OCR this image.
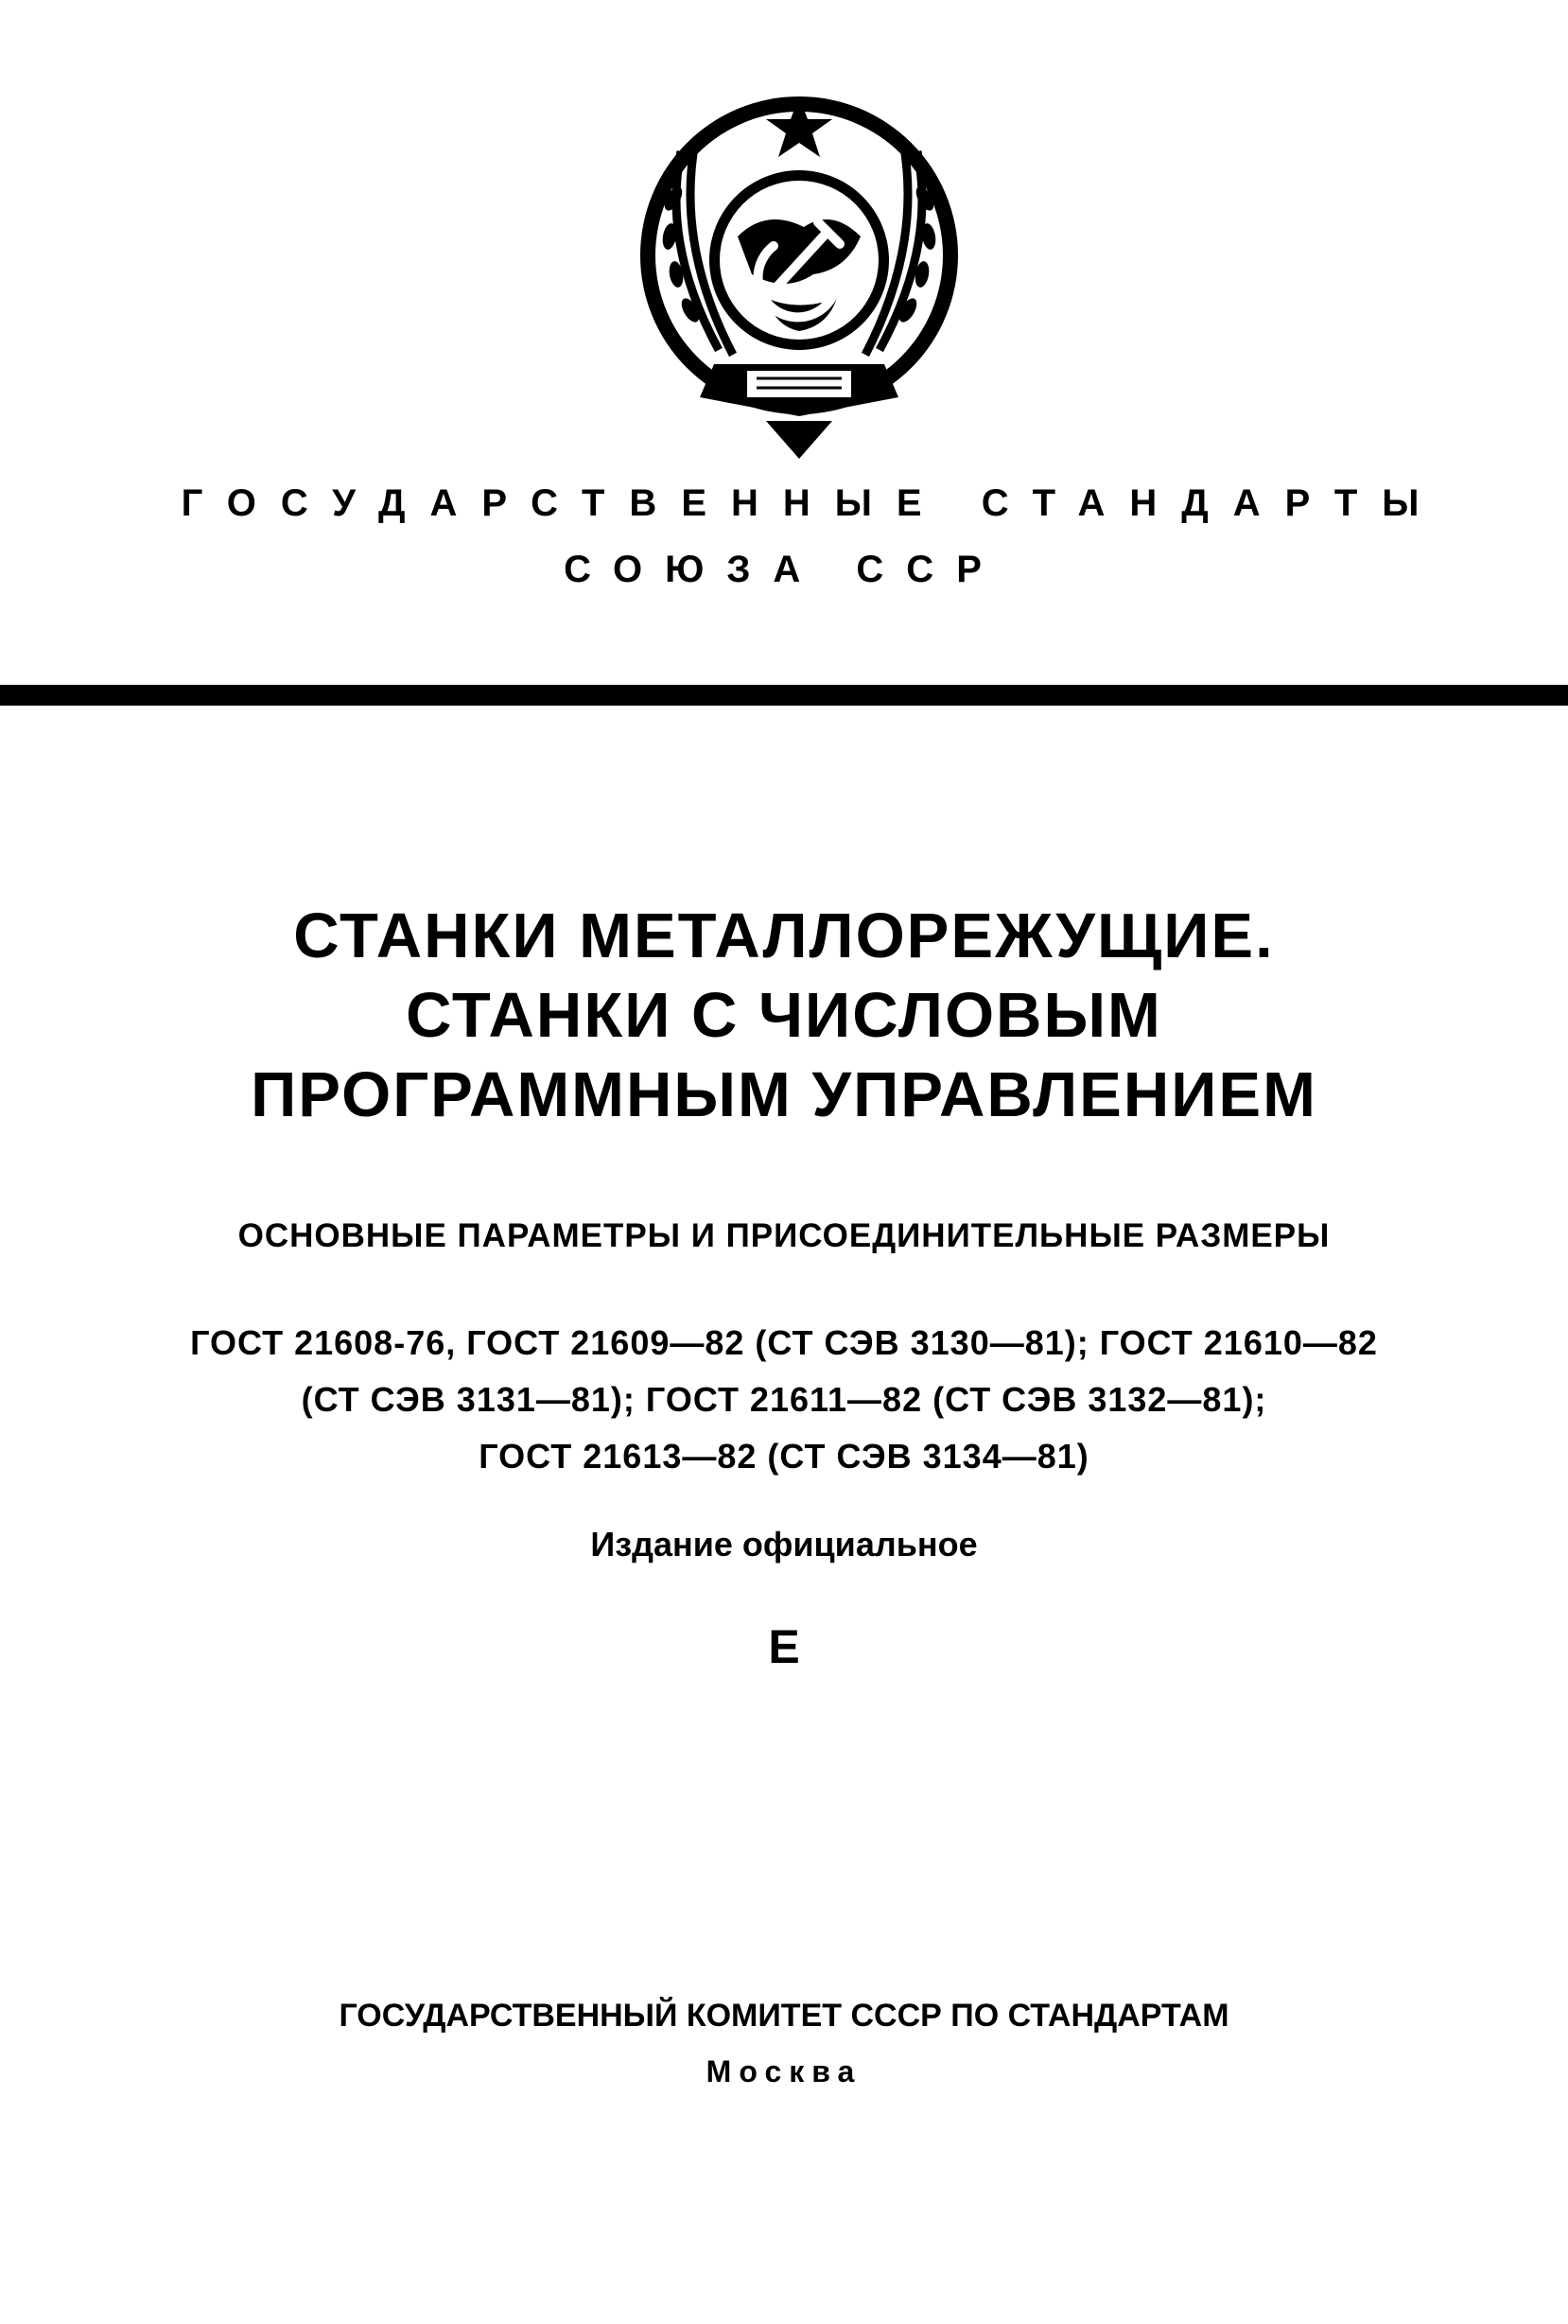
ГОСУДАРСТВЕННЫЕ СТАНДАРТЫ
СОЮЗА ССР
СТАНКИ МЕТАЛЛОРЕЖУЩИЕ.
СТАНКИ С ЧИСЛОВЫМ
ПРОГРАММНЫМ УПРАВЛЕНИЕМ
ОСНОВНЫЕ ПАРАМЕТРЫ И ПРИСОЕДИНИТЕЛЬНЫЕ РАЗМЕРЫ
ГОСТ 21608-76, ГОСТ 21609—82 (СТ СЭВ 3130—81); ГОСТ 21610—82
(СТ СЭВ 3131—81); ГОСТ 21611—82 (СТ СЭВ 3132—81);
ГОСТ 21613—82 (СТ СЭВ 3134—81)
Издание официальное
Е
ГОСУДАРСТВЕННЫЙ КОМИТЕТ СССР ПО СТАНДАРТАМ
Москва
